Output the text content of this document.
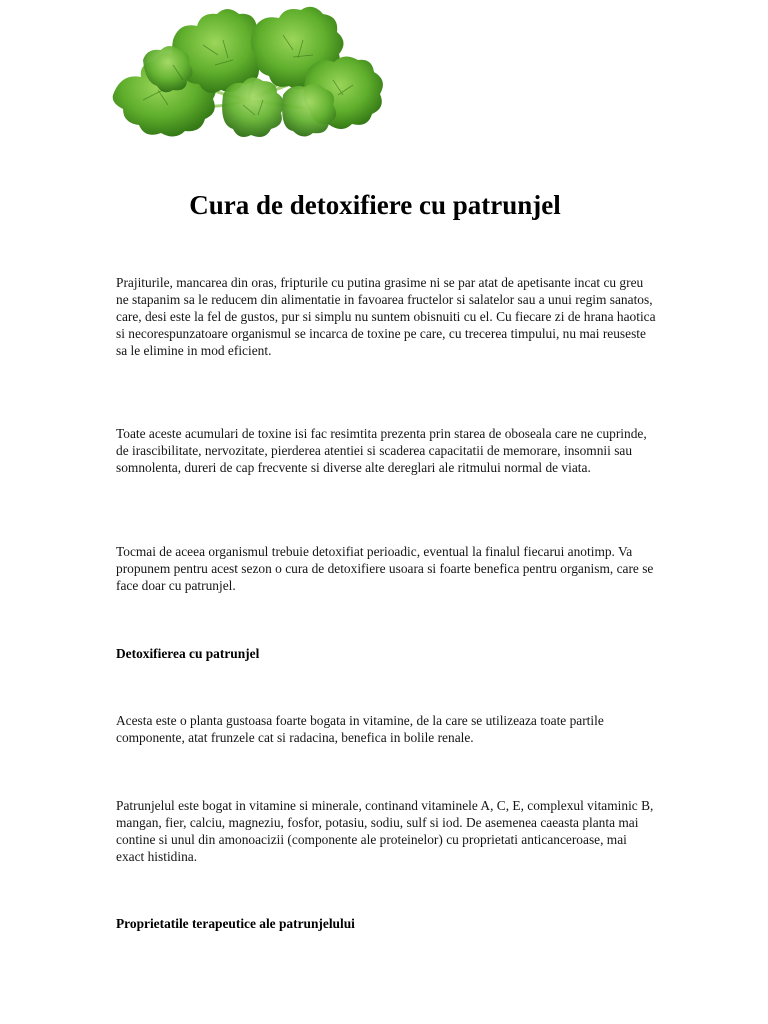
Cura de detoxifiere cu patrunjel

Prajiturile, mancarea din oras, fripturile cu putina grasime ni se par atat de apetisante incat cu greu ne stapanim sa le reducem din alimentatie in favoarea fructelor si salatelor sau a unui regim sanatos, care, desi este la fel de gustos, pur si simplu nu suntem obisnuiti cu el. Cu fiecare zi de hrana haotica si necorespunzatoare organismul se incarca de toxine pe care, cu trecerea timpului, nu mai reuseste sa le elimine in mod eficient.

Toate aceste acumulari de toxine isi fac resimtita prezenta prin starea de oboseala care ne cuprinde, de irascibilitate, nervozitate, pierderea atentiei si scaderea capacitatii de memorare, insomnii sau somnolenta, dureri de cap frecvente si diverse alte dereglari ale ritmului normal de viata.

Tocmai de aceea organismul trebuie detoxifiat perioadic, eventual la finalul fiecarui anotimp. Va propunem pentru acest sezon o cura de detoxifiere usoara si foarte benefica pentru organism, care se face doar cu patrunjel.

Detoxifierea cu patrunjel

Acesta este o planta gustoasa foarte bogata in vitamine, de la care se utilizeaza toate partile componente, atat frunzele cat si radacina, benefica in bolile renale.

Patrunjelul este bogat in vitamine si minerale, continand vitaminele A, C, E, complexul vitaminic B, mangan, fier, calciu, magneziu, fosfor, potasiu, sodiu, sulf si iod. De asemenea caeasta planta mai contine si unul din amonoacizii (componente ale proteinelor) cu proprietati anticanceroase, mai exact histidina.

Proprietatile terapeutice ale patrunjelului
